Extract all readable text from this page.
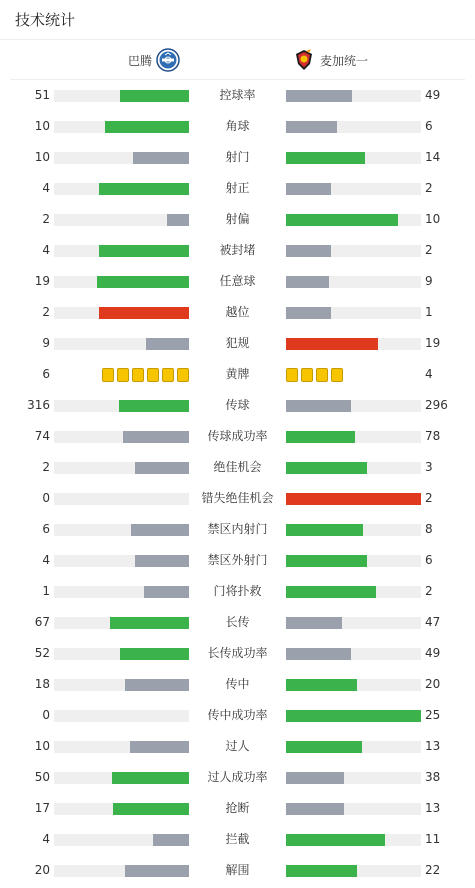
技术统计
巴腾	麦加统一
51	控球率	49
10	角球	6
10	射门	14
4	射正	2
2	射偏	10
4	被封堵	2
19	任意球	9
2	越位	1
9	犯规	19
6	黄牌	4
316	传球	296
74	传球成功率	78
2	绝佳机会	3
0	错失绝佳机会	2
6	禁区内射门	8
4	禁区外射门	6
1	门将扑救	2
67	长传	47
52	长传成功率	49
18	传中	20
0	传中成功率	25
10	过人	13
50	过人成功率	38
17	抢断	13
4	拦截	11
20	解围	22
